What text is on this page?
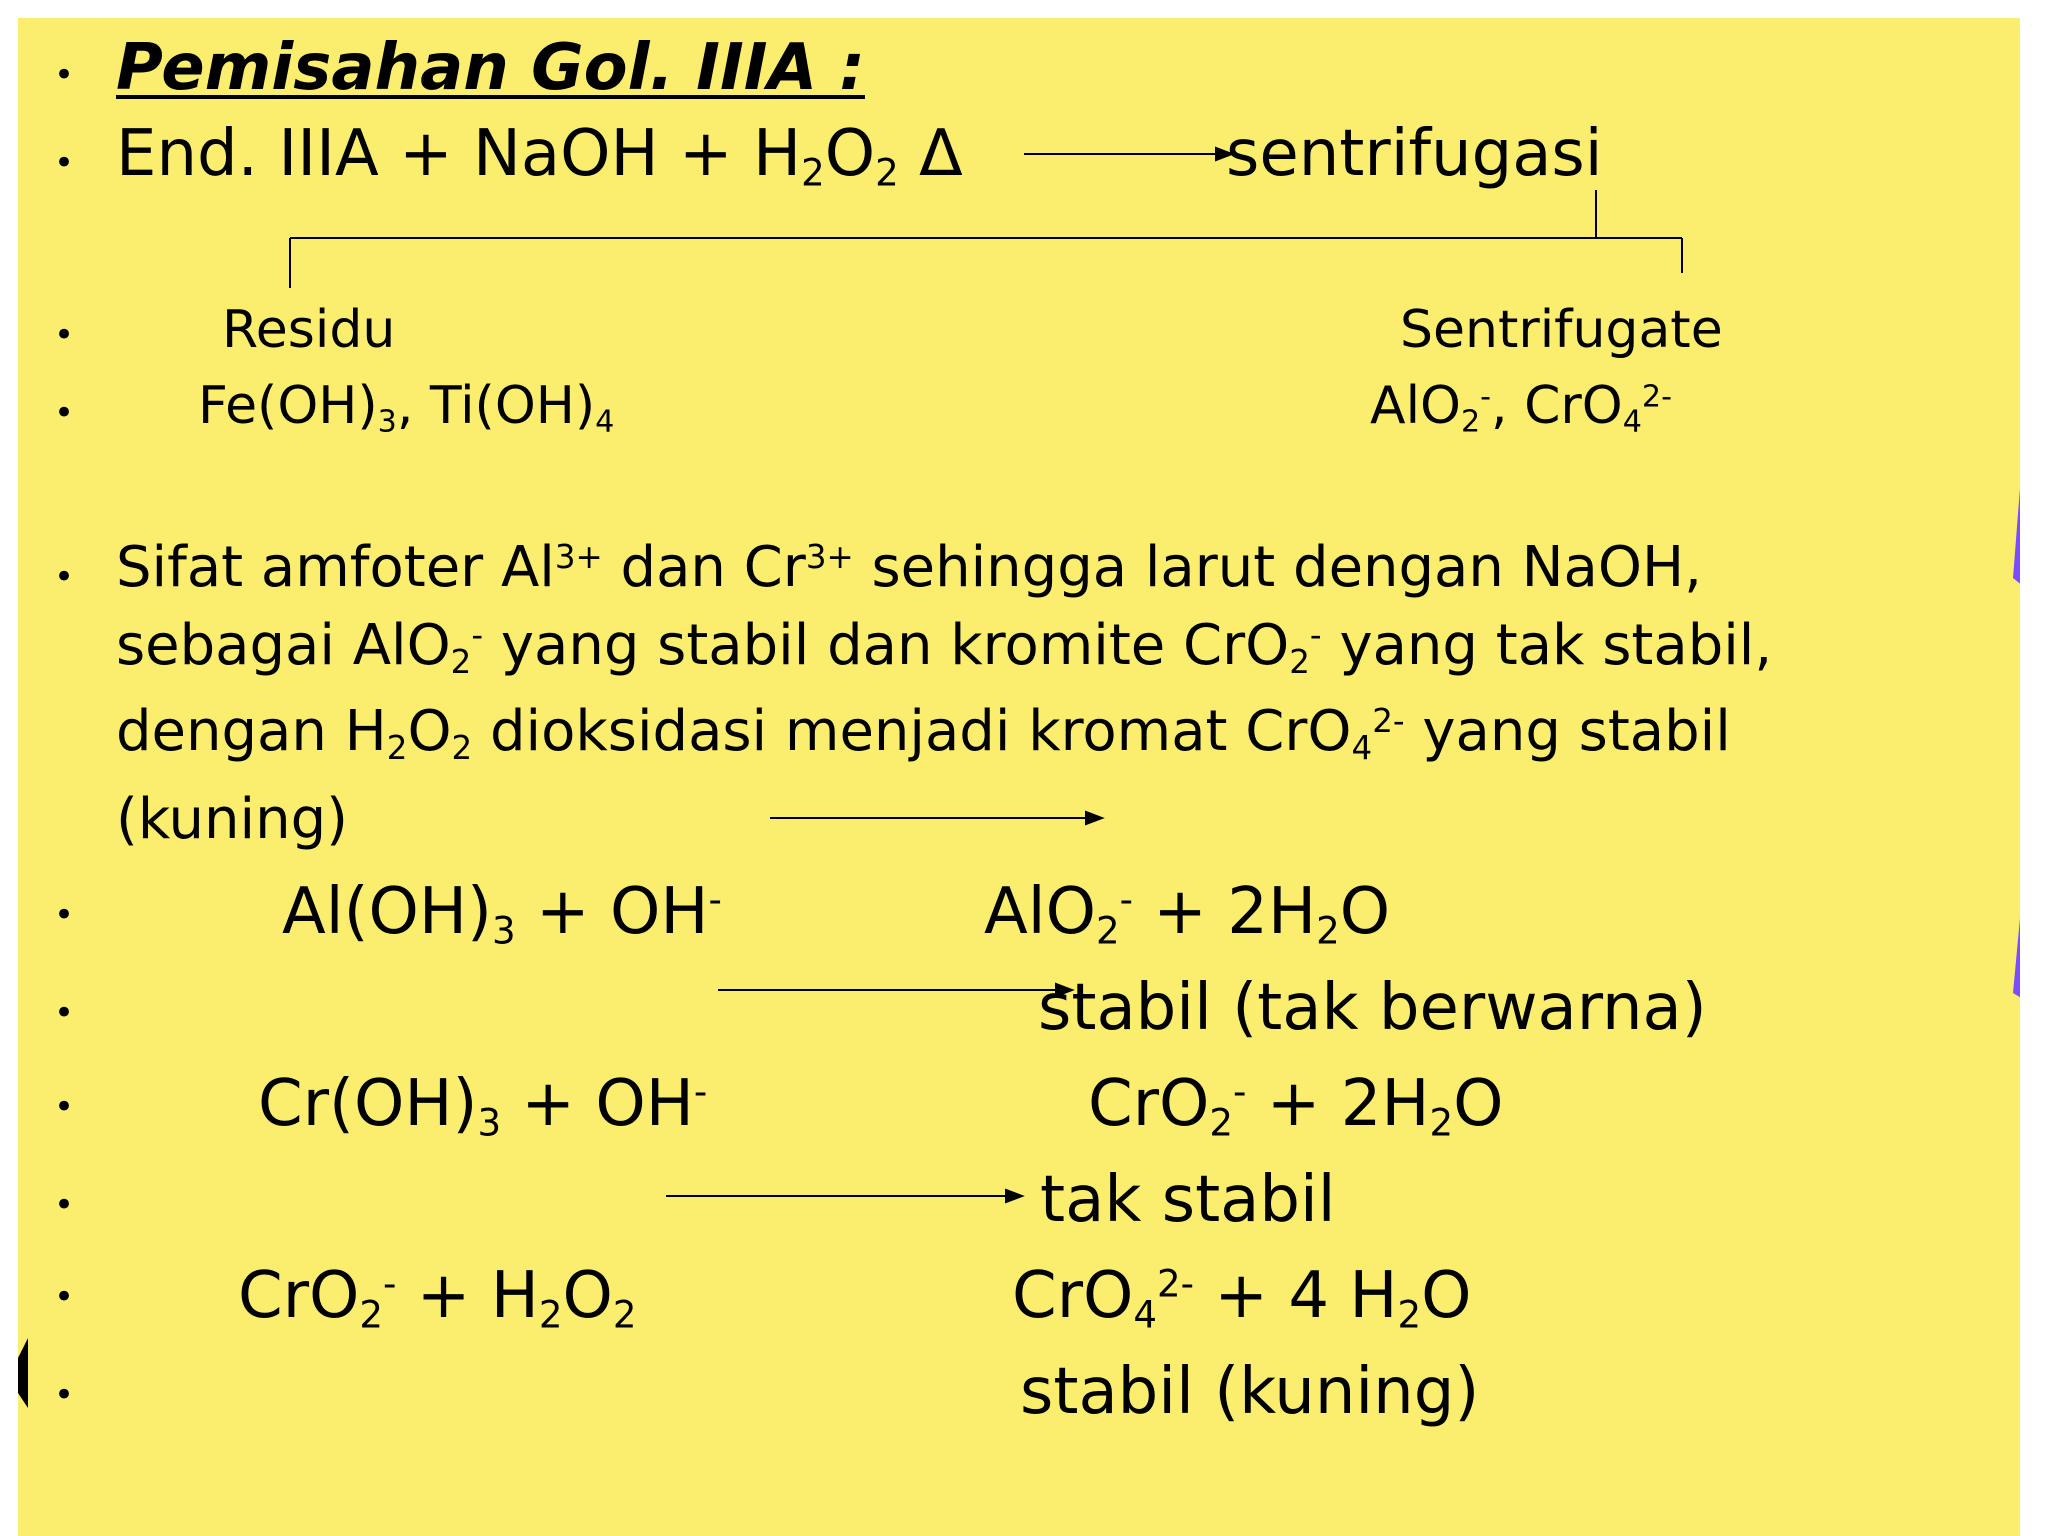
•
•
•
•
•
•
•
•
•
•
•
Pemisahan Gol. IIIA :
End. IIIA + NaOH + $H_2O_2$ Δ	sentrifugasi
Residu
$Fe(OH)_3$, $Ti(OH)_4$
Sentrifugate
AlO$_2$-, CrO$_4^{2-}$
Sifat amfoter $Al^{3+}$ dan $Cr^{3+}$ sehingga larut dengan NaOH,
sebagai AlO$_2$- yang stabil dan kromite CrO$_2$- yang tak stabil,
dengan $H_2O_2$ dioksidasi menjadi kromat CrO$_4^{2-}$ yang stabil
(kuning)
$Al(OH)_3 + OH^-$	$AlO_2^- + 2H_2O$
stabil (tak berwarna)
$Cr(OH)_3 + OH^-$	$CrO_2^- + 2H_2O$
tak stabil
$CrO_2^- + H_2O_2$	CrO$_4^{2-}$ + 4 $H_2O$
stabil (kuning)
